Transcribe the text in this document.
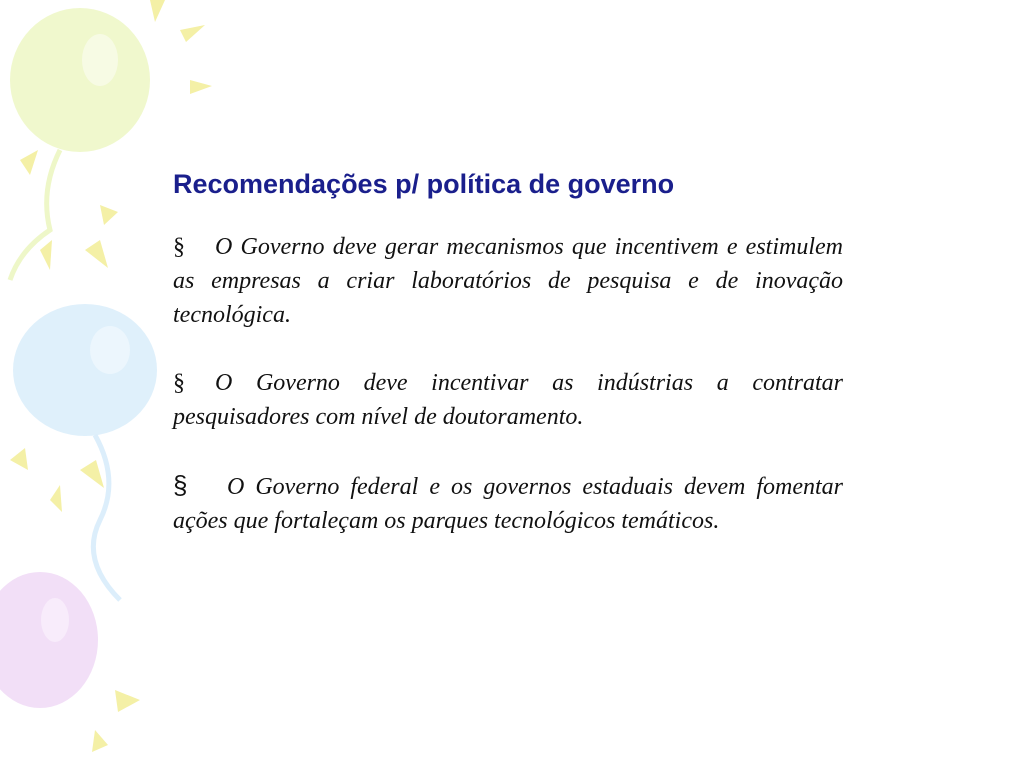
Recomendações p/ política de governo

§ O Governo deve gerar mecanismos que incentivem e estimulem as empresas a criar laboratórios de pesquisa e de inovação tecnológica.

§ O Governo deve incentivar as indústrias a contratar pesquisadores com nível de doutoramento.

§ O Governo federal e os governos estaduais devem fomentar ações que fortaleçam os parques tecnológicos temáticos.
